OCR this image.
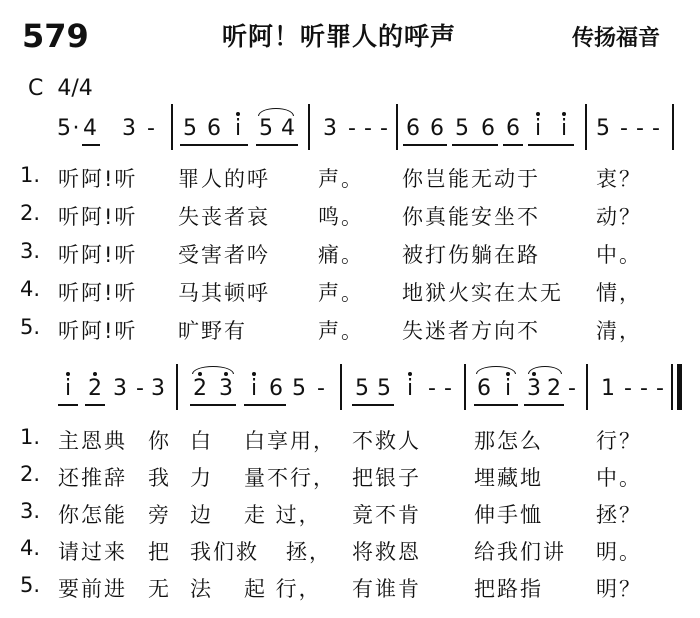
579	听阿！听罪人的呼声	传扬福音
C  4/4
5 · 4 3 - 5 6 i 5 4 3 - - - 6 6 5 6 6 i i 5 - - -
1. 听阿!听 罪人的呼 声。 你岂能无动于	衷？
2. 听阿!听 失丧者哀 鸣。 你真能安坐不	动？
3. 听阿!听 受害者吟 痛。 被打伤躺在路	中。
4. 听阿!听 马其顿呼 声。 地狱火实在太无 情，
5. 听阿!听 旷野有	声。 失迷者方向不	清，
i 2 3 - 3 2 3 i 6 5 - 5 5 i - - 6 i 3 2 - 1 - - -
1. 主恩典 你 白 白享用， 不救人	那怎么	行？
2. 还推辞 我 力 量不行， 把银子	埋藏地	中。
3. 你怎能 旁 边 走 过， 竟不肯	伸手恤	拯？
4. 请过来 把 我们救 拯， 将救恩	给我们讲 明。
5. 要前进 无 法 起 行， 有谁肯	把路指	明？
